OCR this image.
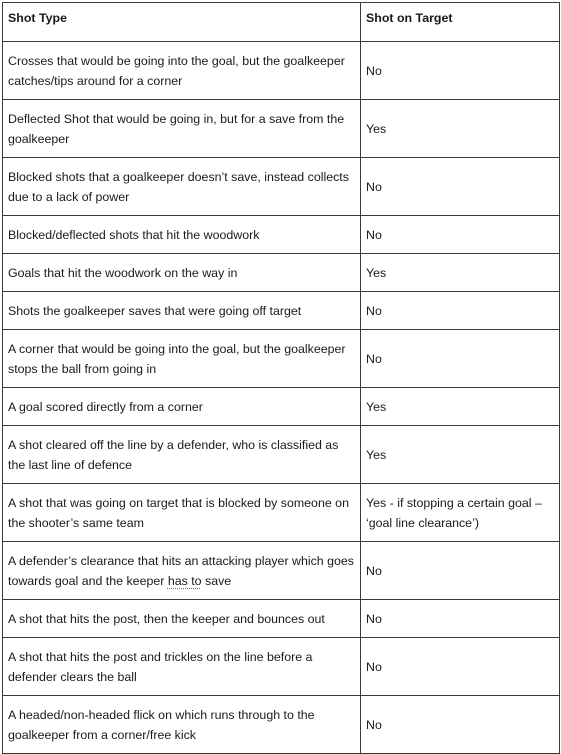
Shot Type	Shot on Target
Crosses that would be going into the goal, but the goalkeeper catches/tips around for a corner	No
Deflected Shot that would be going in, but for a save from the goalkeeper	Yes
Blocked shots that a goalkeeper doesn’t save, instead collects due to a lack of power	No
Blocked/deflected shots that hit the woodwork	No
Goals that hit the woodwork on the way in	Yes
Shots the goalkeeper saves that were going off target	No
A corner that would be going into the goal, but the goalkeeper stops the ball from going in	No
A goal scored directly from a corner	Yes
A shot cleared off the line by a defender, who is classified as the last line of defence	Yes
A shot that was going on target that is blocked by someone on the shooter’s same team	Yes - if stopping a certain goal – ‘goal line clearance’)
A defender’s clearance that hits an attacking player which goes towards goal and the keeper has to save	No
A shot that hits the post, then the keeper and bounces out	No
A shot that hits the post and trickles on the line before a defender clears the ball	No
A headed/non-headed flick on which runs through to the goalkeeper from a corner/free kick	No
